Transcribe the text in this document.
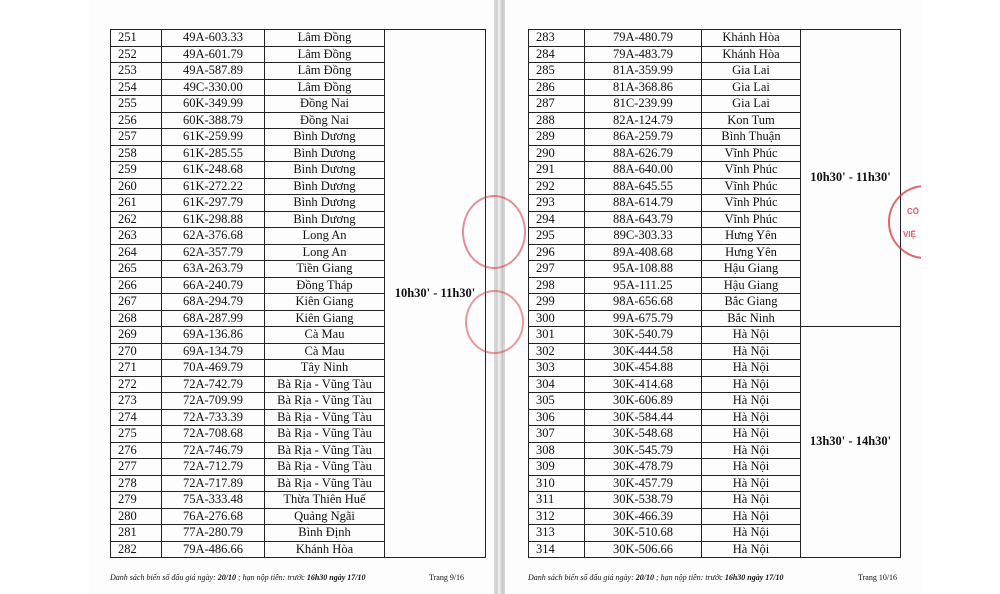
251	49A-603.33	Lâm Đồng	10h30' - 11h30'
252	49A-601.79	Lâm Đồng	
253	49A-587.89	Lâm Đồng	
254	49C-330.00	Lâm Đồng	
255	60K-349.99	Đồng Nai	
256	60K-388.79	Đồng Nai	
257	61K-259.99	Bình Dương	
258	61K-285.55	Bình Dương	
259	61K-248.68	Bình Dương	
260	61K-272.22	Bình Dương	
261	61K-297.79	Bình Dương	
262	61K-298.88	Bình Dương	
263	62A-376.68	Long An	
264	62A-357.79	Long An	
265	63A-263.79	Tiền Giang	
266	66A-240.79	Đồng Tháp	
267	68A-294.79	Kiên Giang	
268	68A-287.99	Kiên Giang	
269	69A-136.86	Cà Mau	
270	69A-134.79	Cà Mau	
271	70A-469.79	Tây Ninh	
272	72A-742.79	Bà Rịa - Vũng Tàu	
273	72A-709.99	Bà Rịa - Vũng Tàu	
274	72A-733.39	Bà Rịa - Vũng Tàu	
275	72A-708.68	Bà Rịa - Vũng Tàu	
276	72A-746.79	Bà Rịa - Vũng Tàu	
277	72A-712.79	Bà Rịa - Vũng Tàu	
278	72A-717.89	Bà Rịa - Vũng Tàu	
279	75A-333.48	Thừa Thiên Huế	
280	76A-276.68	Quảng Ngãi	
281	77A-280.79	Bình Định	
282	79A-486.66	Khánh Hòa	
Danh sách biển số đấu giá ngày: 20/10 ; hạn nộp tiền: trước 16h30 ngày 17/10	Trang 9/16
283	79A-480.79	Khánh Hòa	10h30' - 11h30'
284	79A-483.79	Khánh Hòa	
285	81A-359.99	Gia Lai	
286	81A-368.86	Gia Lai	
287	81C-239.99	Gia Lai	
288	82A-124.79	Kon Tum	
289	86A-259.79	Bình Thuận	
290	88A-626.79	Vĩnh Phúc	
291	88A-640.00	Vĩnh Phúc	
292	88A-645.55	Vĩnh Phúc	
293	88A-614.79	Vĩnh Phúc	
294	88A-643.79	Vĩnh Phúc	
295	89C-303.33	Hưng Yên	
296	89A-408.68	Hưng Yên	
297	95A-108.88	Hậu Giang	
298	95A-111.25	Hậu Giang	
299	98A-656.68	Bắc Giang	
300	99A-675.79	Bắc Ninh	
301	30K-540.79	Hà Nội	13h30' - 14h30'
302	30K-444.58	Hà Nội	
303	30K-454.88	Hà Nội	
304	30K-414.68	Hà Nội	
305	30K-606.89	Hà Nội	
306	30K-584.44	Hà Nội	
307	30K-548.68	Hà Nội	
308	30K-545.79	Hà Nội	
309	30K-478.79	Hà Nội	
310	30K-457.79	Hà Nội	
311	30K-538.79	Hà Nội	
312	30K-466.39	Hà Nội	
313	30K-510.68	Hà Nội	
314	30K-506.66	Hà Nội	
Danh sách biển số đấu giá ngày: 20/10 ; hạn nộp tiền: trước 16h30 ngày 17/10	Trang 10/16
CÔ
VIỆ
